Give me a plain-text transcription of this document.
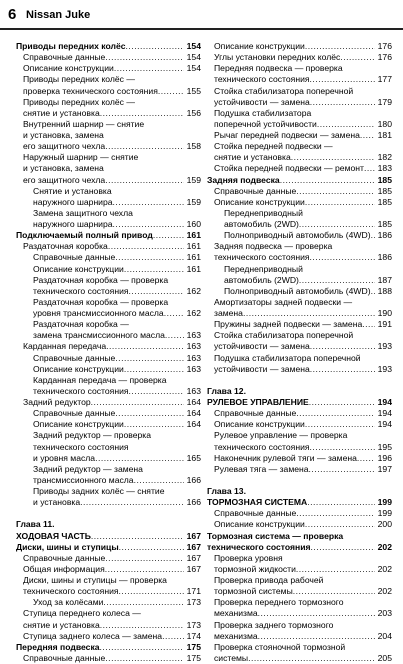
6 Nissan Juke
Приводы передних колёс .....	154
Справочные данные .....	154
Описание конструкции .....	154
Приводы передних колёс —
проверка технического состояния .....	155
Приводы передних колёс —
снятие и установка .....	156
Внутренний шарнир — снятие
и установка, замена
его защитного чехла .....	158
Наружный шарнир — снятие
и установка, замена
его защитного чехла .....	159
Снятие и установка
наружного шарнира .....	159
Замена защитного чехла
наружного шарнира .....	160
Подключаемый полный привод .....	161
Раздаточная коробка .....	161
Справочные данные .....	161
Описание конструкции .....	161
Раздаточная коробка — проверка
технического состояния .....	162
Раздаточная коробка — проверка
уровня трансмиссионного масла .....	162
Раздаточная коробка —
замена трансмиссионного масла .....	163
Карданная передача .....	163
Справочные данные .....	163
Описание конструкции .....	163
Карданная передача — проверка
технического состояния .....	163
Задний редуктор .....	164
Справочные данные .....	164
Описание конструкции .....	164
Задний редуктор — проверка
технического состояния
и уровня масла .....	165
Задний редуктор — замена
трансмиссионного масла .....	166
Приводы задних колёс — снятие
и установка .....	166
Глава 11.
ХОДОВАЯ ЧАСТЬ .....	167
Диски, шины и ступицы .....	167
Справочные данные .....	167
Общая информация .....	167
Диски, шины и ступицы — проверка
технического состояния .....	171
Уход за колёсами .....	173
Ступица переднего колеса —
снятие и установка .....	173
Ступица заднего колеса — замена .....	174
Передняя подвеска .....	175
Справочные данные .....	175
Описание конструкции .....	176
Углы установки передних колёс .....	176
Передняя подвеска — проверка
технического состояния .....	177
Стойка стабилизатора поперечной
устойчивости — замена .....	179
Подушка стабилизатора
поперечной устойчивости .....	180
Рычаг передней подвески — замена .....	181
Стойка передней подвески —
снятие и установка .....	182
Стойка передней подвески — ремонт .....	183
Задняя подвеска .....	185
Справочные данные .....	185
Описание конструкции .....	185
Переднеприводный
автомобиль (2WD) .....	185
Полноприводный автомобиль (4WD) ..... 186
Задняя подвеска — проверка
технического состояния .....	186
Переднеприводный
автомобиль (2WD) .....	187
Полноприводный автомобиль (4WD) ..... 188
Амортизаторы задней подвески —
замена .....	190
Пружины задней подвески — замена .....	191
Стойка стабилизатора поперечной
устойчивости — замена .....	193
Подушка стабилизатора поперечной
устойчивости — замена .....	193
Глава 12.
РУЛЕВОЕ УПРАВЛЕНИЕ .....	194
Справочные данные .....	194
Описание конструкции .....	194
Рулевое управление — проверка
технического состояния .....	195
Наконечник рулевой тяги — замена .....	196
Рулевая тяга — замена .....	197
Глава 13.
ТОРМОЗНАЯ СИСТЕМА .....	199
Справочные данные .....	199
Описание конструкции .....	200
Тормозная система — проверка
технического состояния .....	202
Проверка уровня
тормозной жидкости .....	202
Проверка привода рабочей
тормозной системы .....	202
Проверка переднего тормозного
механизма .....	203
Проверка заднего тормозного
механизма .....	204
Проверка стояночной тормозной
системы .....	205
